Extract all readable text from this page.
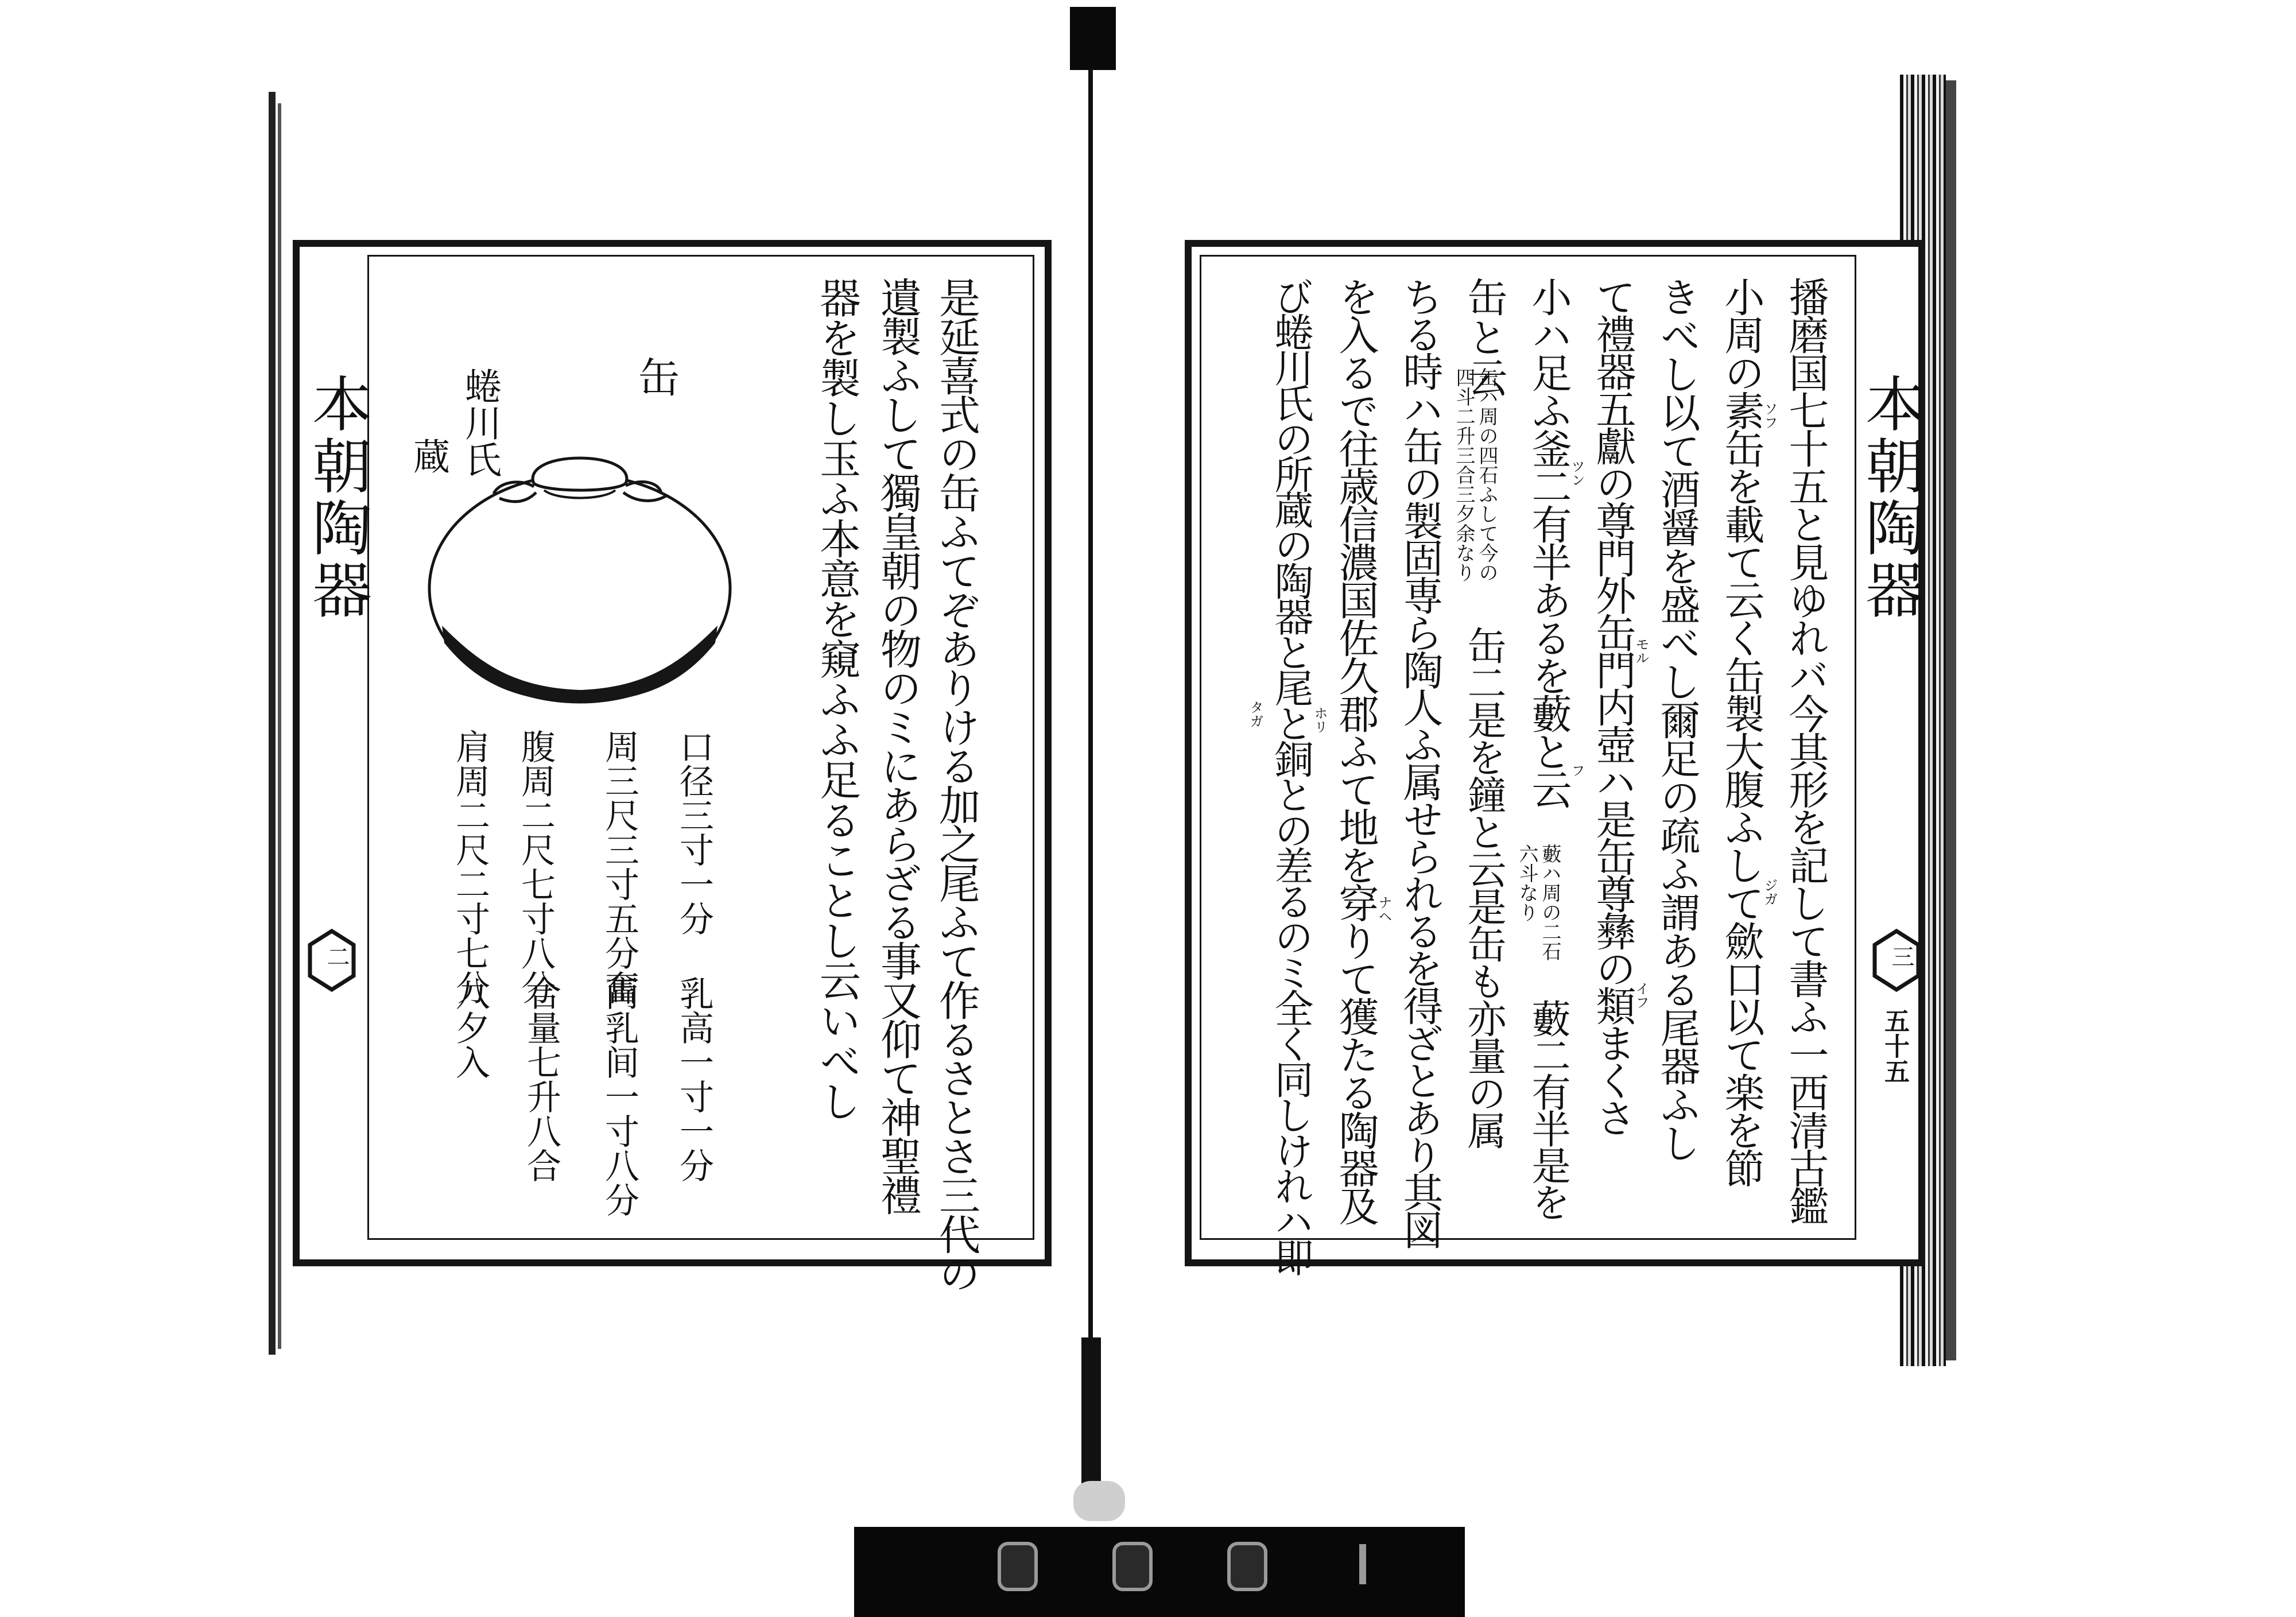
本朝陶器
二
缶
蜷川氏
蔵	是延喜式の缶ふてぞありける加之尾ふて作るさとさ三代の
遺製ふして獨皇朝の物のミにあらざる事又仰て神聖禮
器を製し玉ふ本意を窺ふふ足ることし云いべし
口径三寸一分
周三尺三寸五分奮
腹周二尺七寸八分
肩周二尺二寸七分
乳高一寸一分
両乳间一寸八分
合量七升八合
八夕入
本朝陶器
三
五十五
播磨国七十五と見ゆれバ今其形を記して書ふ一西清古鑑
小周の素缶を載て云く缶製大腹ふして歛口以て楽を節
きべし以て酒醤を盛べし爾足の疏ふ謂ある尾器ふし
て禮器五獻の尊門外缶門内壺ハ是缶尊彝の類まくさ
小ハ足ふ釜二有半あるを藪と云
藪ハ周の二石
六斗なり
藪二有半是を
缶と云
缶ハ周の四石ふして今の
四斗二升三合三夕余なり
缶二是を鐘と云是缶も亦量の属
ちる時ハ缶の製固専ら陶人ふ属せられるを得ざとあり其図
を入るで往歳信濃国佐久郡ふて地を穿りて獲たる陶器及
び蜷川氏の所蔵の陶器と尾と銅との差るのミ全く同しけれハ即	ソフ
ジガ
ツン
モル
イフ
フ
ナヘ
ホリ
タガ
